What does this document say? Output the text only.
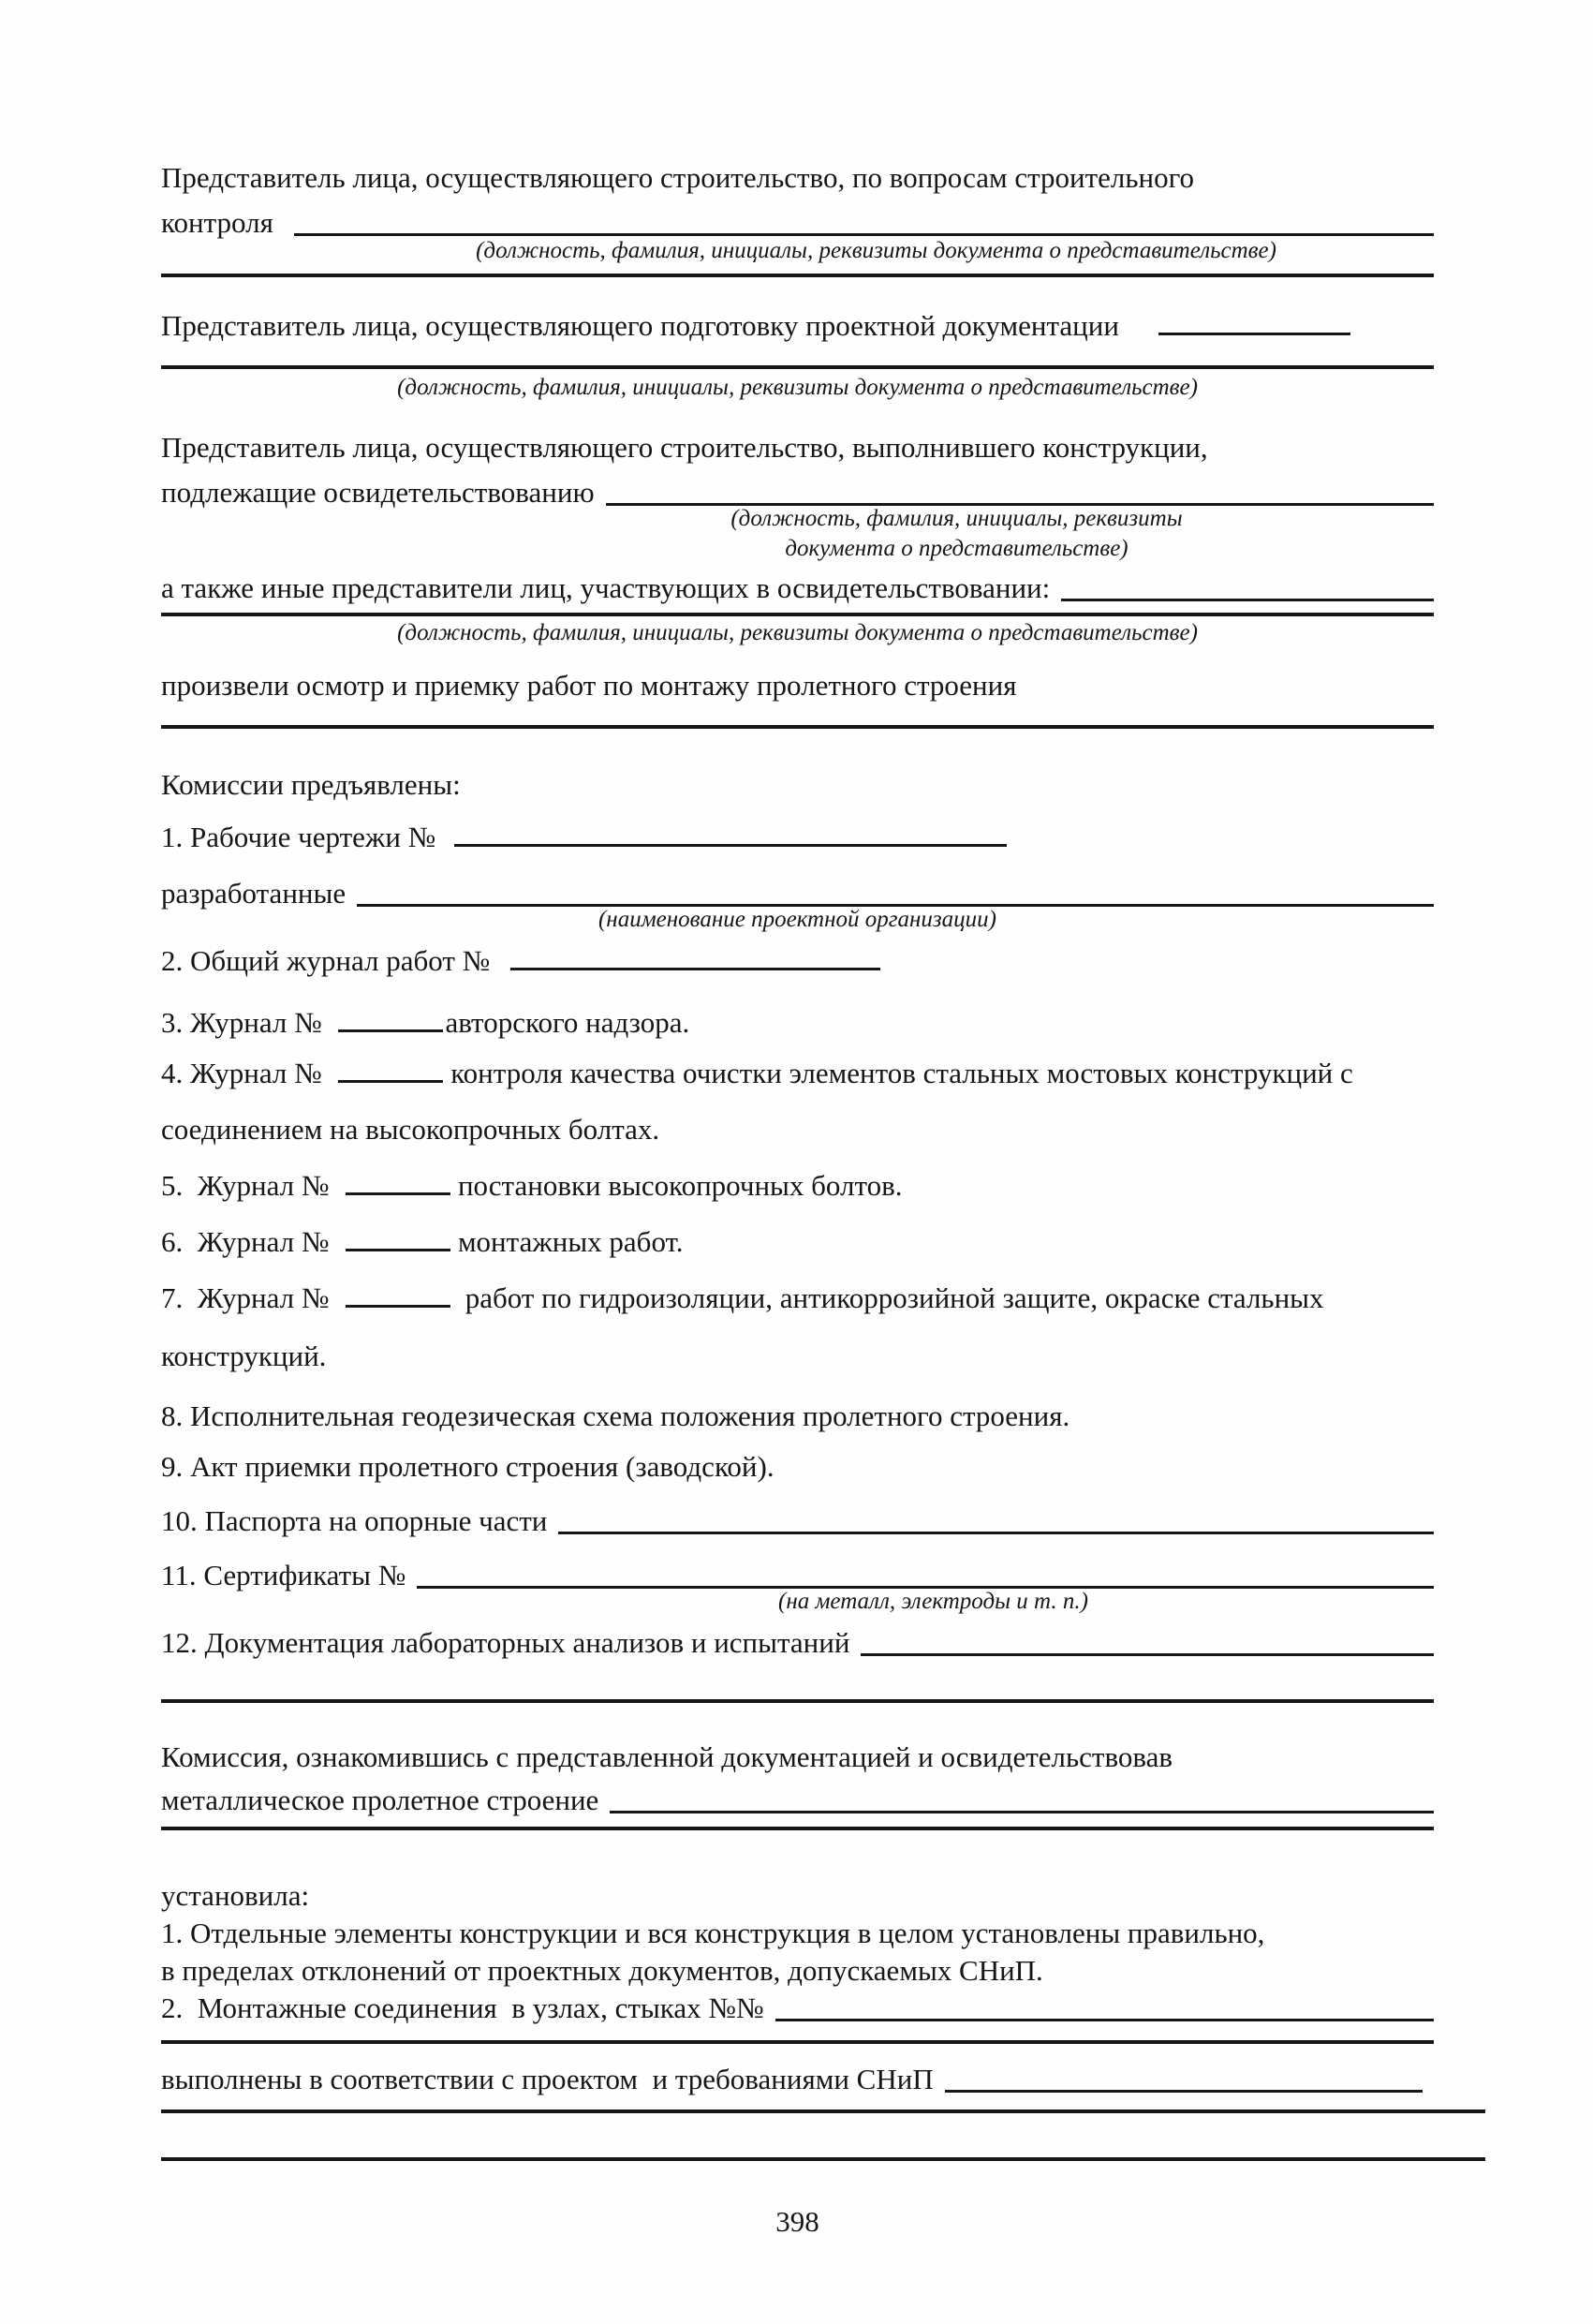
Представитель лица, осуществляющего строительство, по вопросам строительного
контроля
(должность, фамилия, инициалы, реквизиты документа о представительстве)
Представитель лица, осуществляющего подготовку проектной документации
(должность, фамилия, инициалы, реквизиты документа о представительстве)
Представитель лица, осуществляющего строительство, выполнившего конструкции,
подлежащие освидетельствованию
(должность, фамилия, инициалы, реквизиты
документа о представительстве)
а также иные представители лиц, участвующих в освидетельствовании:
(должность, фамилия, инициалы, реквизиты документа о представительстве)
произвели осмотр и приемку работ по монтажу пролетного строения
Комиссии предъявлены:
1. Рабочие чертежи №
разработанные
(наименование проектной организации)
2. Общий журнал работ №
3. Журнал №	авторского надзора.
4. Журнал №	контроля качества очистки элементов стальных мостовых конструкций с
соединением на высокопрочных болтах.
5.  Журнал №	постановки высокопрочных болтов.
6.  Журнал №	монтажных работ.
7.  Журнал №	работ по гидроизоляции, антикоррозийной защите, окраске стальных
конструкций.
8. Исполнительная геодезическая схема положения пролетного строения.
9. Акт приемки пролетного строения (заводской).
10. Паспорта на опорные части
11. Сертификаты №
(на металл, электроды и т. п.)
12. Документация лабораторных анализов и испытаний
Комиссия, ознакомившись с представленной документацией и освидетельствовав
металлическое пролетное строение
установила:
1. Отдельные элементы конструкции и вся конструкция в целом установлены правильно,
в пределах отклонений от проектных документов, допускаемых СНиП.
2.  Монтажные соединения  в узлах, стыках №№
выполнены в соответствии с проектом  и требованиями СНиП
398
